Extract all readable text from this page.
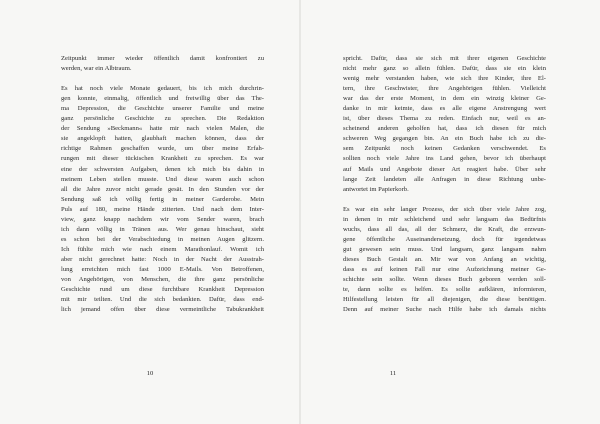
Zeitpunkt immer wieder öffentlich damit konfrontiert zu
werden, war ein Albtraum.

Es hat noch viele Monate gedauert, bis ich mich durchrin-
gen konnte, einmalig, öffentlich und freiwillig über das The-
ma Depression, die Geschichte unserer Familie und meine
ganz persönliche Geschichte zu sprechen. Die Redaktion
der Sendung »Beckmann« hatte mir nach vielen Malen, die
sie angeklopft hatten, glaubhaft machen können, dass der
richtige Rahmen geschaffen wurde, um über meine Erfah-
rungen mit dieser tückischen Krankheit zu sprechen. Es war
eine der schwersten Aufgaben, denen ich mich bis dahin in
meinem Leben stellen musste. Und diese waren auch schon
all die Jahre zuvor nicht gerade gesät. In den Stunden vor der
Sendung saß ich völlig fertig in meiner Garderobe. Mein
Puls auf 180, meine Hände zitterten. Und nach dem Inter-
view, ganz knapp nachdem wir vom Sender waren, brach
ich dann völlig in Tränen aus. Wer genau hinschaut, sieht
es schon bei der Verabschiedung in meinen Augen glitzern.
Ich fühlte mich wie nach einem Marathonlauf. Womit ich
aber nicht gerechnet hatte: Noch in der Nacht der Ausstrah-
lung erreichten mich fast 1000 E-Mails. Von Betroffenen,
von Angehörigen, von Menschen, die ihre ganz persönliche
Geschichte rund um diese furchtbare Krankheit Depression
mit mir teilten. Und die sich bedankten. Dafür, dass end-
lich jemand offen über diese vermeintliche Tabukrankheit

10

spricht. Dafür, dass sie sich mit ihrer eigenen Geschichte
nicht mehr ganz so allein fühlen. Dafür, dass sie ein klein
wenig mehr verstanden haben, wie sich ihre Kinder, ihre El-
tern, ihre Geschwister, ihre Angehörigen fühlen. Vielleicht
war das der erste Moment, in dem ein winzig kleiner Ge-
danke in mir keimte, dass es alle eigene Anstrengung wert
ist, über dieses Thema zu reden. Einfach nur, weil es an-
scheinend anderen geholfen hat, dass ich diesen für mich
schweren Weg gegangen bin. An ein Buch habe ich zu die-
sem Zeitpunkt noch keinen Gedanken verschwendet. Es
sollten noch viele Jahre ins Land gehen, bevor ich überhaupt
auf Mails und Angebote dieser Art reagiert habe. Über sehr
lange Zeit landeten alle Anfragen in diese Richtung unbe-
antwortet im Papierkorb.

Es war ein sehr langer Prozess, der sich über viele Jahre zog,
in denen in mir schleichend und sehr langsam das Bedürfnis
wuchs, dass all das, all der Schmerz, die Kraft, die erzwun-
gene öffentliche Auseinandersetzung, doch für irgendetwas
gut gewesen sein muss. Und langsam, ganz langsam nahm
dieses Buch Gestalt an. Mir war von Anfang an wichtig,
dass es auf keinen Fall nur eine Aufzeichnung meiner Ge-
schichte sein sollte. Wenn dieses Buch geboren werden soll-
te, dann sollte es helfen. Es sollte aufklären, informieren,
Hilfestellung leisten für all diejenigen, die diese benötigen.
Denn auf meiner Suche nach Hilfe habe ich damals nichts

11
